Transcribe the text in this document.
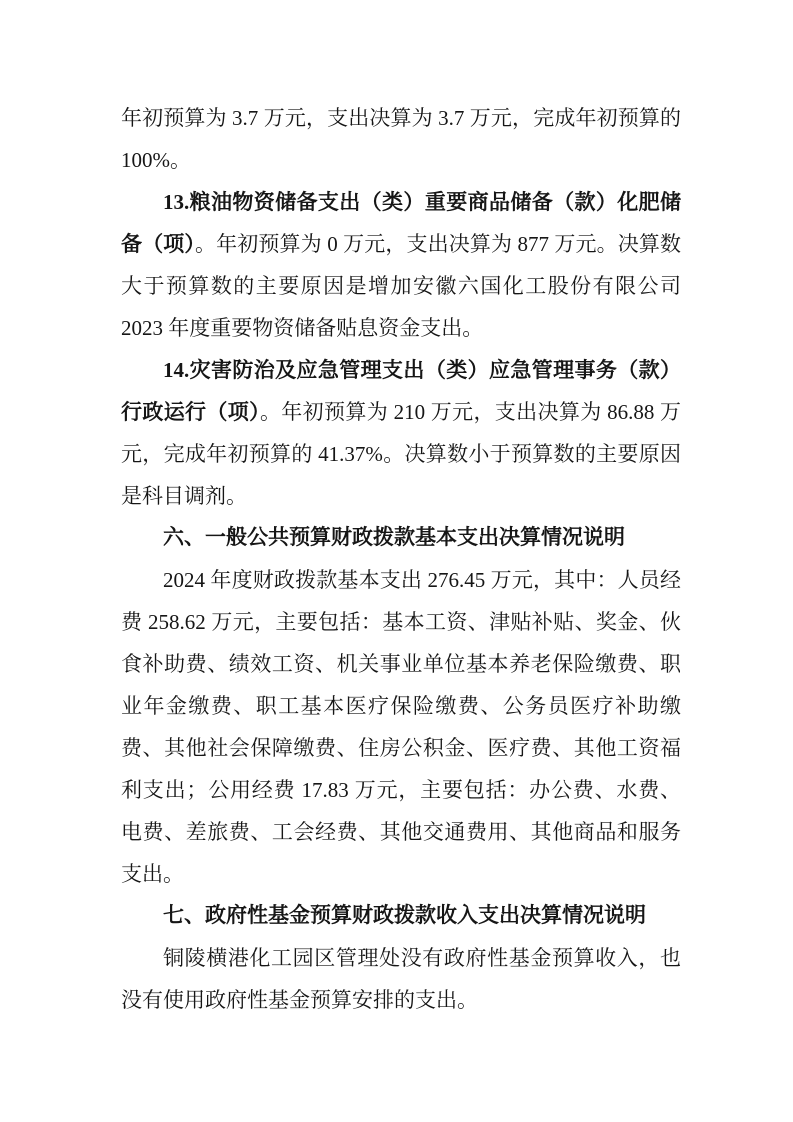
年初预算为 3.7 万元，支出决算为 3.7 万元，完成年初预算的 100%。

13.粮油物资储备支出（类）重要商品储备（款）化肥储备（项）。年初预算为 0 万元，支出决算为 877 万元。决算数大于预算数的主要原因是增加安徽六国化工股份有限公司 2023 年度重要物资储备贴息资金支出。

14.灾害防治及应急管理支出（类）应急管理事务（款）行政运行（项）。年初预算为 210 万元，支出决算为 86.88 万元，完成年初预算的 41.37%。决算数小于预算数的主要原因是科目调剂。

六、一般公共预算财政拨款基本支出决算情况说明

2024 年度财政拨款基本支出 276.45 万元，其中：人员经费 258.62 万元，主要包括：基本工资、津贴补贴、奖金、伙食补助费、绩效工资、机关事业单位基本养老保险缴费、职业年金缴费、职工基本医疗保险缴费、公务员医疗补助缴费、其他社会保障缴费、住房公积金、医疗费、其他工资福利支出；公用经费 17.83 万元，主要包括：办公费、水费、电费、差旅费、工会经费、其他交通费用、其他商品和服务支出。

七、政府性基金预算财政拨款收入支出决算情况说明

铜陵横港化工园区管理处没有政府性基金预算收入，也没有使用政府性基金预算安排的支出。
